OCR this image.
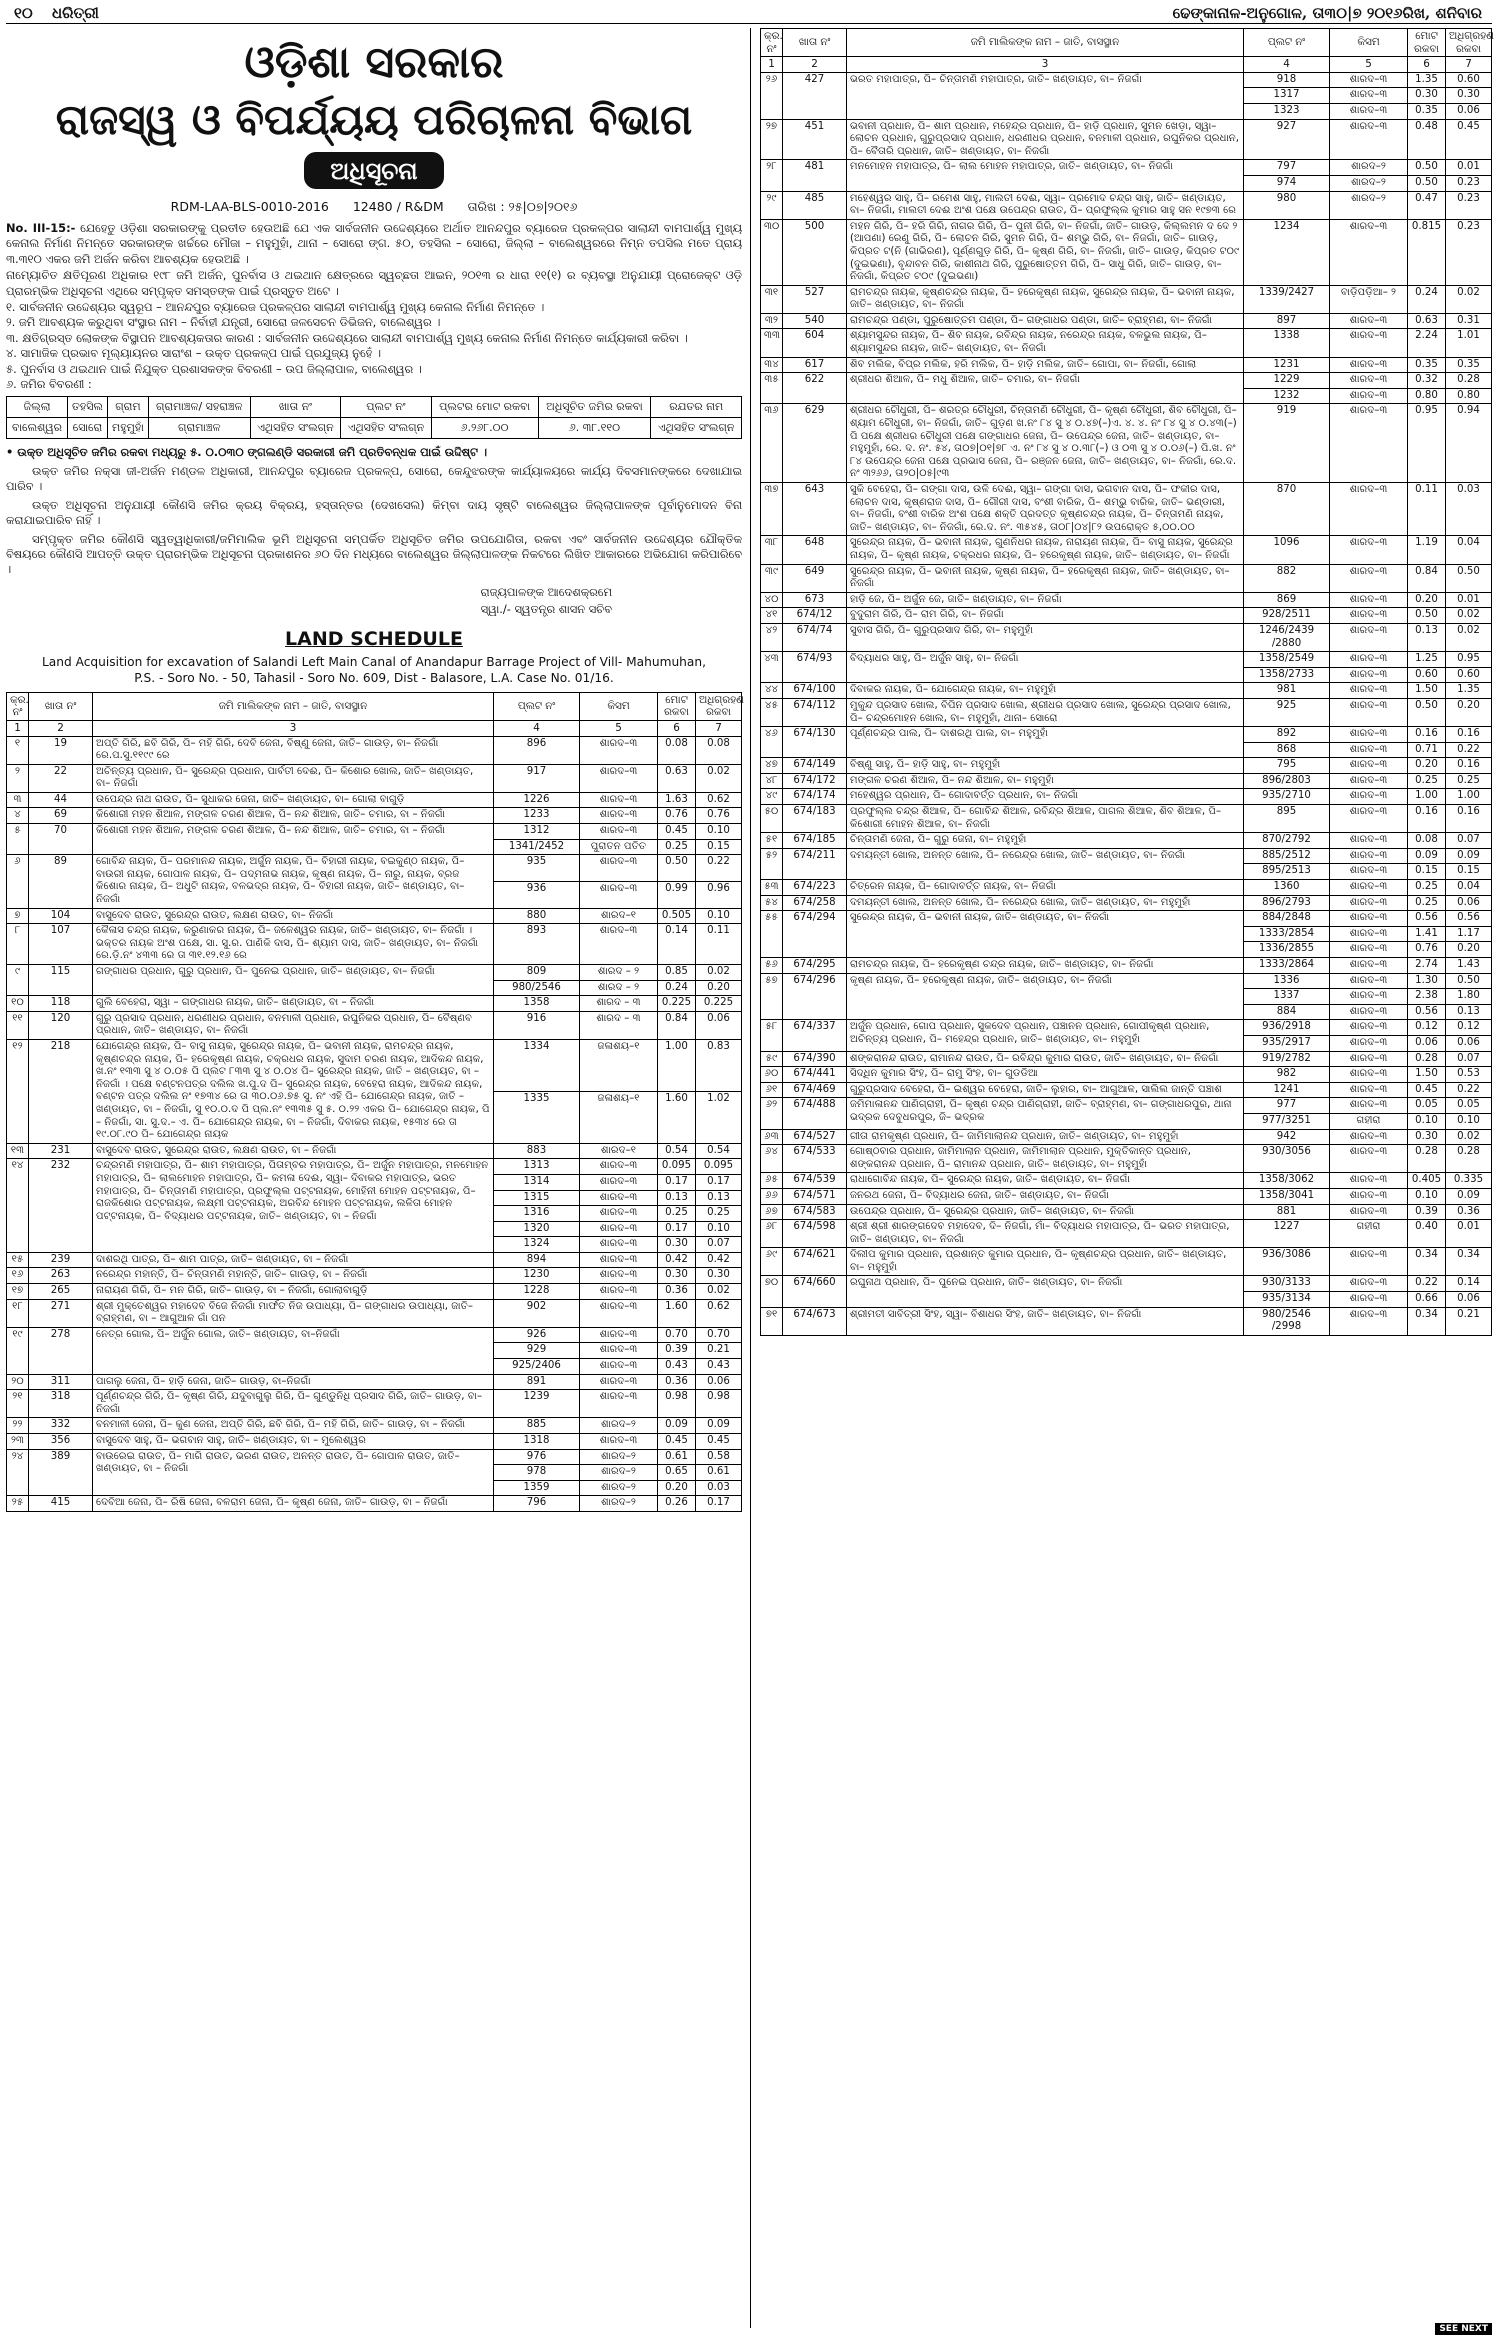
୧୦ ଧରିତ୍ରୀ	ଢେଙ୍କାନାଳ-ଅନୁଗୋଳ, ତା୩୦|୭ ୨୦୧୬ରିଖ, ଶନିବାର
ଓଡ଼ିଶା ସରକାର
ରାଜସ୍ୱ ଓ ବିପର୍ଯ୍ୟୟ ପରିଚାଳନା ବିଭାଗ
ଅଧିସୂଚନା
RDM-LAA-BLS-0010-2016 12480 / R&DM ତାରିଖ : ୨୫|୦୭|୨୦୧୬

No. III-15:- ଯେହେତୁ ଓଡ଼ିଶା ସରକାରଙ୍କୁ ପ୍ରତୀତ ହେଉଅଛି ଯେ ଏକ ସାର୍ବଜନୀନ ଉଦ୍ଦେଶ୍ୟରେ ଅର୍ଥାତ ଆନନ୍ଦପୁର ବ୍ୟାରେଜ ପ୍ରକଳ୍ପର ସାଲାନ୍ଦୀ ବାମପାର୍ଶ୍ୱ ମୁଖ୍ୟ କେନାଲ ନିର୍ମାଣ ନିମନ୍ତେ ସରକାରଙ୍କ ଖର୍ଚ୍ଚରେ ମୌଜା – ମହୁମୁହାଁ, ଥାନା – ସୋରୋ ଙ୍ଗ. ୫୦, ତହସିଲ – ସୋରୋ, ଜିଲ୍ଲା – ବାଲେଶ୍ୱରରେ ନିମ୍ନ ତପସିଲ ମତେ ପ୍ରାୟ ୩.୩୧୦ ଏକର ଜମି ଅର୍ଜନ କରିବା ଆବଶ୍ୟକ ହେଉଅଛି ।

ନାମ୍ୟୋଚିତ କ୍ଷତିପୂରଣ ଅଧିକାର ୧୯୮ ଜମି ଅର୍ଜନ, ପୁନର୍ବାସ ଓ ଥଇଥାନ କ୍ଷେତ୍ରରେ ସ୍ୱଚ୍ଛତା ଆଇନ, ୨୦୧୩ ର ଧାରା ୧୧(୧) ର ବ୍ୟବସ୍ଥା ଅନୁଯାୟୀ ପ୍ରୋଜେକ୍ଟ ଓଡ଼ି ପ୍ରାରମ୍ଭିକ ଅଧିସୂଚନା ଏଥିରେ ସମ୍ପୃକ୍ତ ସମସ୍ତଙ୍କ ପାଇଁ ପ୍ରସ୍ତୁତ ଅଟେ ।

୧. ସାର୍ବଜନୀନ ଉଦ୍ଦେଶ୍ୟର ସ୍ୱରୂପ – ଆନନ୍ଦପୁର ବ୍ୟାରେଜ ପ୍ରକଳ୍ପର ସାଲାନ୍ଦୀ ବାମପାର୍ଶ୍ୱ ମୁଖ୍ୟ କେନାଲ ନିର୍ମାଣ ନିମନ୍ତେ ।
୨. ଜମି ଆବଶ୍ୟକ କରୁଥିବା ସଂସ୍ଥାର ନାମ – ନିର୍ବାହୀ ଯନ୍ତ୍ରୀ, ସୋରୋ ଜଳସେଚନ ଡିଭିଜନ, ବାଲେଶ୍ୱର ।
୩. କ୍ଷତିଗ୍ରସ୍ତ ଲୋକଙ୍କ ବିସ୍ଥାପନ ଆବଶ୍ୟକତାର କାରଣ : ସାର୍ବଜନୀନ ଉଦ୍ଦେଶ୍ୟରେ ସାଲାନ୍ଦୀ ବାମପାର୍ଶ୍ୱ ମୁଖ୍ୟ କେନାଲ ନିର୍ମାଣ ନିମନ୍ତେ କାର୍ଯ୍ୟକାରୀ କରିବା ।
୪. ସାମାଜିକ ପ୍ରଭାବ ମୂଲ୍ୟାୟନର ସାରାଂଶ – ଉକ୍ତ ପ୍ରକଳ୍ପ ପାଇଁ ପ୍ରଯୁଜ୍ୟ ନୁହେଁ ।
୫. ପୁନର୍ବାସ ଓ ଥଇଥାନ ପାଇଁ ନିଯୁକ୍ତ ପ୍ରଶାସକଙ୍କ ବିବରଣୀ – ଉପ ଜିଲ୍ଲାପାଳ, ବାଲେଶ୍ୱର ।
୬. ଜମିର ବିବରଣୀ :
ଜିଲ୍ଲା	ତହସିଲ	ଗ୍ରାମ	ଗ୍ରାମାଞ୍ଚଳ/ ସହରାଞ୍ଚଳ	ଖାତା ନଂ	ପ୍ଲଟ ନଂ	ପ୍ଲଟର ମୋଟ ରକବା	ଅଧିସୂଚିତ ଜମିର ରକବା	ରଯତର ନାମ
ବାଲେଶ୍ୱର	ସୋରୋ	ମହୁମୁହାଁ	ଗ୍ରାମାଞ୍ଚଳ	ଏଥିସହିତ ସଂଲଗ୍ନ	ଏଥିସହିତ ସଂଲଗ୍ନ	୬.୨୬୮.୦୦	୬. ୩୮.୧୧୦	ଏଥିସହିତ ସଂଲଗ୍ନ

• ଉକ୍ତ ଅଧିସୂଚିତ ଜମିର ରକବା ମଧ୍ୟରୁ ୫. ୦.୦୩୦ ଙ୍ଗଲଣ୍ଡି ସରକାରୀ ଜମି ପ୍ରତିବନ୍ଧକ ପାଇଁ ଉଦ୍ଦିଷ୍ଟ ।

ଉକ୍ତ ଜମିର ନକ୍ସା ଜୀ-ଅର୍ଜନ ମଣ୍ଡଳ ଅଧିକାରୀ, ଆନନ୍ଦପୁର ବ୍ୟାରେଜ ପ୍ରକଳ୍ପ, ସୋରୋ, କେନ୍ଦୁଝରଙ୍କ କାର୍ଯ୍ୟାଳୟରେ କାର୍ଯ୍ୟ ଦିବସମାନଙ୍କରେ ଦେଖାଯାଇ ପାରିବ ।

ଉକ୍ତ ଅଧିସୂଚନା ଅନୁଯାୟୀ କୌଣସି ଜମିର କ୍ରୟ ବିକ୍ରୟ, ହସ୍ତାନ୍ତର (ଦେଖସେଲ) କିମ୍ବା ଦାୟ ସୃଷ୍ଟି ବାଲେଶ୍ୱର ଜିଲ୍ଲାପାଳଙ୍କ ପୂର୍ବାନୁମୋଦନ ବିନା କରାଯାଇପାରିବ ନାହିଁ ।

ସମ୍ପୃକ୍ତ ଜମିର କୌଣସି ସ୍ୱତ୍ୱାଧିକାରୀ/ଜମିମାଲିକ ଭୂମି ଅଧିସୂଚନା ସମ୍ପର୍କିତ ଅଧିସୂଚିତ ଜମିର ଉପଯୋଗିତା, ରକବା ଏବଂ ସାର୍ବଜନୀନ ଉଦ୍ଦେଶ୍ୟର ଯୌକ୍ତିକ ବିଷୟରେ କୌଣସି ଆପତ୍ତି ଉକ୍ତ ପ୍ରାରମ୍ଭିକ ଅଧିସୂଚନା ପ୍ରକାଶନର ୬୦ ଦିନ ମଧ୍ୟରେ ବାଲେଶ୍ୱର ଜିଲ୍ଲାପାଳଙ୍କ ନିକଟରେ ଲିଖିତ ଆକାରରେ ଅଭିଯୋଗ କରିପାରିବେ ।

ରାଜ୍ୟପାଳଙ୍କ ଆଦେଶକ୍ରମେ
ସ୍ୱା./- ସ୍ୱତନ୍ତ୍ର ଶାସନ ସଚିବ
LAND SCHEDULE
Land Acquisition for excavation of Salandi Left Main Canal of Anandapur Barrage Project of Vill- Mahumuhan,
P.S. - Soro No. - 50, Tahasil - Soro No. 609, Dist - Balasore, L.A. Case No. 01/16.
କ୍ର. ନଂ	ଖାତା ନଂ	ଜମି ମାଲିକଙ୍କ ନାମ – ଜାତି, ବାସସ୍ଥାନ	ପ୍ଲଟ ନଂ	କିସମ	ମୋଟ ରକବା	ଅଧିଗ୍ରହଣ ରକବା
1	2	3	4	5	6	7
୧	19	ଅପ୍ତି ଗିରି, ଛବି ଗିରି, ପି– ମହି ଗିରି, ଦେବି ଜେନା, ବିଷ୍ଣୁ ଜେନା, ଜାତି– ଗାଉଡ଼, ବା– ନିଜଗାଁ ରେ.ପ.ସୁ.୧୧୯୯ ରେ	896	ଶାରଦ–୩	0.08	0.08
୨	22	ଅଚିନ୍ତ୍ୟ ପ୍ରଧାନ, ପି– ସୁରେନ୍ଦ୍ର ପ୍ରଧାନ, ପାର୍ବତୀ ଦେଈ, ପି– କିଶୋର ଖୋଲ, ଜାତି– ଖଣ୍ଡାୟତ, ବା– ନିଜଗାଁ	917	ଶାରଦ–୩	0.63	0.02
୩	44	ଉପେନ୍ଦ୍ର ନାଥ ରାଉତ, ପି– ସୁଧାକର ଜେନା, ଜାତି– ଖଣ୍ଡାୟତ, ବା– ଗୋଲା ବାଗୁଡ଼ି	1226	ଶାରଦ–୩	1.63	0.62
୪	69	କିଶୋରୀ ମହନ ଶିଆଳ, ମଙ୍ଗଳ ଚରଣ ଶିଆଳ, ପି– ନନ୍ଦ ଶିଆଳ, ଜାତି– ଚମାର, ବା – ନିଜଗାଁ	1233	ଶାରଦ–୩	0.76	0.76
୫	70	କିଶୋରୀ ମହନ ଶିଆଳ, ମଙ୍ଗଳ ଚରଣ ଶିଆଳ, ପି– ନନ୍ଦ ଶିଆଳ, ଜାତି– ଚମାର, ବା – ନିଜଗାଁ	1312	ଶାରଦ–୩	0.45	0.10
			1341/2452	ପୁରାତନ ପତିତ	0.25	0.15
୬	89	ଗୋବିନ୍ଦ ନାୟକ, ପି– ପରମାନନ୍ଦ ନାୟକ, ଅର୍ଜୁନ ନାୟକ, ପି– ବିହାରୀ ନାୟକ, ବଇକୁଣ୍ଠ ନାୟକ, ପି– ବାଉରୀ ନାୟକ, ଗୋପାଳ ନାୟକ, ପି– ପଦ୍ମନାଭ ନାୟକ, କୃଷ୍ଣ ନାୟକ, ପି– ନାରୁ, ନାୟକ, ବ୍ରଜ କିଶୋର ନାୟକ, ପି– ଅଧୁଟି ନାୟକ, ବଳଭଦ୍ର ନାୟକ, ପି– ବିହାରୀ ନାୟକ, ଜାତି– ଖଣ୍ଡାୟତ, ବା– ନିଜଗାଁ	935	ଶାରଦ–୩	0.50	0.22
			936	ଶାରଦ–୩	0.99	0.96
୭	104	ବାସୁଦେବ ରାଉତ, ସୁରେନ୍ଦ୍ର ରାଉତ, ଲକ୍ଷଣ ରାଉତ, ବା– ନିଜଗାଁ	880	ଶାରଦ–୧	0.505	0.10
୮	107	କୈଳାସ ଚନ୍ଦ୍ର ନାୟକ, କରୁଣାକର ନାୟକ, ପି– ଜଳେଶ୍ୱର ନାୟକ, ଜାତି– ଖଣ୍ଡାୟତ, ବା– ନିଜଗାଁ । ଭକ୍ତର ନାୟକ ଅଂଶ ପକ୍ଷେ, ସା. ସୁ.ର. ପାଣିକି ଦାସ, ପି– ଶ୍ୟାମ ଦାସ, ଜାତି– ଖଣ୍ଡାୟତ, ବା– ନିଜଗାଁ ରେ.ଡ଼ି.ନଂ ୪୩୩ ରେ ତା ୩୧.୧୨.୧୬ ରେ	893	ଶାରଦ–୩	0.14	0.11
୯	115	ଗଙ୍ଗାଧର ପ୍ରଧାନ, ଗୁରୁ ପ୍ରଧାନ, ପି– ପୁନେଇ ପ୍ରଧାନ, ଜାତି– ଖଣ୍ଡାୟତ, ବା– ନିଜଗାଁ	809	ଶାରଦ – ୨	0.85	0.02
			980/2546	ଶାରଦ – ୨	0.24	0.20
୧୦	118	ଗୁଲି ବେହେରା, ସ୍ୱା – ଗଙ୍ଗାଧର ନାୟକ, ଜାତି– ଖଣ୍ଡାୟତ, ବା – ନିଜଗାଁ	1358	ଶାରଦ – ୩	0.225	0.225
୧୧	120	ଗୁରୁ ପ୍ରସାଦ ପ୍ରଧାନ, ଧରଣୀଧର ପ୍ରଧାନ, ବନମାଳୀ ପ୍ରଧାନ, ରଘୁନିକର ପ୍ରଧାନ, ପି– ବୈଷ୍ଣବ ପ୍ରଧାନ, ଜାତି– ଖଣ୍ଡାୟତ, ବା– ନିଜଗାଁ	916	ଶାରଦ – ୩	0.84	0.06
୧୨	218	ଯୋଗେନ୍ଦ୍ର ନାୟକ, ପି– ବାସୁ ନାୟକ, ସୁରେନ୍ଦ୍ର ନାୟକ, ପି– ଭବାନୀ ନାୟକ, ରାମଚନ୍ଦ୍ର ନାୟକ, କୃଷ୍ଣଚନ୍ଦ୍ର ନାୟକ, ପି– ହରେକୃଷ୍ଣ ନାୟକ, ଚକ୍ରଧର ନାୟକ, ସୁଦାମ ଚରଣ ନାୟକ, ଆଦିକନ୍ଦ ନାୟକ, ଖ.ନଂ ୧୩୩ ସୁ ୪ ୦.୦୫ ପି ପ୍ଲଟ ୮୩୩ ସୁ ୪ ୦.୦୪ ପି– ସୁରେନ୍ଦ୍ର ନାୟକ, ଜାତି – ଖଣ୍ଡାୟତ, ବା – ନିଜଗାଁ । ପକ୍ଷେ ବଣ୍ଟନପତ୍ର ଦଲିଲ ଖ.ପୁ.ଦ ପି– ସୁରେନ୍ଦ୍ର ନାୟକ, ବେହେରା ନାୟକ, ଆଦିକନ୍ଦ ନାୟକ, ବଣ୍ଟନ ପତ୍ର ଦଲିଲ ନଂ ୧୭୩୪ ରେ ତା ୩୦.୦୬.୭୫ ସୁ. ନଂ ଏହି ପି– ଯୋଗେନ୍ଦ୍ର ନାୟକ, ଜାତି – ଖଣ୍ଡାୟତ, ବା – ନିଜଗାଁ, ସୁ ୧୦.୦.ଦ ପି ପ୍ଲ.ନଂ ୧୩୩୫ ସୁ ୫. ୦.୨୨ ଏକର ପି– ଯୋଗେନ୍ଦ୍ର ନାୟକ, ପି – ନିଜଗାଁ, ସା. ସୁ.ଦ.– ଏ. ପି– ଯୋଗେନ୍ଦ୍ର ନାୟକ, ବା – ନିଜଗାଁ, ଦିବାକର ନାୟକ, ୧୫୩୪ ରେ ତା ୧୯.୦୮.୯୦ ପି– ଯୋଗେନ୍ଦ୍ର ନାୟକ	1334	ଜଳାଶୟ–୧	1.00	0.83
			1335	ଜଳାଶୟ–୧	1.60	1.02
୧୩	231	ବାସୁଦେବ ରାଉତ, ସୁରେନ୍ଦ୍ର ରାଉତ, ଲକ୍ଷଣ ରାଉତ, ବା – ନିଜଗାଁ	883	ଶାରଦ–୧	0.54	0.54
୧୪	232	ଚନ୍ଦ୍ରମଣି ମହାପାତ୍ର, ପି– ଶାମ ମହାପାତ୍ର, ପିତାମ୍ବର ମହାପାତ୍ର, ପି– ଅର୍ଜୁନ ମହାପାତ୍ର, ମନମୋହନ ମହାପାତ୍ର, ପି– ଲାଲମୋହନ ମହାପାତ୍ର, ପି– କମଳା ଦେଈ, ସ୍ୱା– ଦିବାକର ମହାପାତ୍ର, ଭରତ ମହାପାତ୍ର, ପି– ଚିନ୍ତାମଣି ମହାପାତ୍ର, ପ୍ରଫୁଲ୍ଲ ପଟ୍ଟନାୟକ, ମୋହିନୀ ମୋହନ ପଟ୍ଟନାୟକ, ପି– ରାଜକିଶୋର ପଟ୍ଟନାୟକ, ଲକ୍ଷ୍ମୀ ପଟ୍ଟନାୟକ, ଅରବିନ୍ଦ ମୋହନ ପଟ୍ଟନାୟକ, ଲଳିତା ମୋହନ ପଟ୍ଟନାୟକ, ପି– ବିଦ୍ୟାଧର ପଟ୍ଟନାୟକ, ଜାତି– ଖଣ୍ଡାୟତ, ବା – ନିଜଗାଁ	1313	ଶାରଦ–୩	0.095	0.095
			1314	ଶାରଦ–୩	0.17	0.17
			1315	ଶାରଦ–୩	0.13	0.13
			1316	ଶାରଦ–୩	0.25	0.25
			1320	ଶାରଦ–୩	0.17	0.10
			1324	ଶାରଦ–୩	0.30	0.07
୧୫	239	ଦାଶରଥି ପାତ୍ର, ପି– ଶାମ ପାତ୍ର, ଜାତି– ଖଣ୍ଡାୟତ, ବା – ନିଜଗାଁ	894	ଶାରଦ–୩	0.42	0.42
୧୬	263	ନରେନ୍ଦ୍ର ମହାନ୍ତି, ପି– ଚିନ୍ତାମଣି ମହାନ୍ତି, ଜାତି– ଗାଉଡ଼, ବା – ନିଜଗାଁ	1230	ଶାରଦ–୩	0.30	0.30
୧୭	265	ନାରାୟଣ ଗିରି, ପି– ମନ ଗିରି, ଜାତି– ଗାଉଡ଼, ବା – ନିଜଗାଁ, ଗୋଲାବାଗୁଡ଼ି	1228	ଶାରଦ–୩	0.36	0.02
୧୮	271	ଶ୍ରୀ ମୁକ୍ତେଶ୍ୱର ମହାଦେବ ବିଜେ ନିଜଗାଁ ମାର୍ଫତ ନିଜ ଉପାଧ୍ୟା, ପି– ଗଙ୍ଗାଧର ଉପାଧ୍ୟା, ଜାତି– ବ୍ରାହ୍ମଣ, ବା – ଆଗୁଆଳ ଗାଁ ପନ	902	ଶାରଦ–୩	1.60	0.62
୧୯	278	ନେତ୍ର ଗୋଲ, ପି– ଅର୍ଜୁନ ଗୋଲ, ଜାତି– ଖଣ୍ଡାୟତ, ବା–ନିଜଗାଁ	926	ଶାରଦ–୩	0.70	0.70
			929	ଶାରଦ–୩	0.39	0.21
			925/2406	ଶାରଦ–୩	0.43	0.43
୨୦	311	ପାଗଲୁ ଜେନା, ପି– ହାଡ଼ି ଜେନା, ଜାତି– ଗାଉଡ଼, ବା–ନିଜଗାଁ	891	ଶାରଦ–୩	0.36	0.06
୨୧	318	ପୂର୍ଣ୍ଣଚନ୍ଦ୍ର ଗିରି, ପି– କୃଷ୍ଣ ଗିରି, ଯଦୁବାଗୁଲୁ ଗିରି, ପି– ଗୁଣ୍ଡୁନିଧି ପ୍ରସାଦ ଗିରି, ଜାତି– ଗାଉଡ଼, ବା–ନିଜଗାଁ	1239	ଶାରଦ–୩	0.98	0.98
୨୨	332	ବନମାଳୀ ଜେନା, ପି– କୁଣ ଜେନା, ଅପ୍ତି ଗିରି, ଛବି ଗିରି, ପି– ମହି ଗିରି, ଜାତି– ଗାଉଡ଼, ବା – ନିଜଗାଁ	885	ଶାରଦ–୨	0.09	0.09
୨୩	356	ବାସୁଦେବ ସାହୁ, ପି– ଭଗବାନ ସାହୁ, ଜାତି– ଖଣ୍ଡାୟତ, ବା – ମୁଲେଶ୍ୱର	1318	ଶାରଦ–୩	0.45	0.45
୨୪	389	ବାଉରେଇ ରାଉତ, ପି– ମାଗି ରାଉତ, ଭରଣ ରାଉତ, ଅନନ୍ତ ରାଉତ, ପି– ଗୋପାଳ ରାଉତ, ଜାତି– ଖଣ୍ଡାୟତ, ବା – ନିଜଗାଁ	976	ଶାରଦ–୨	0.61	0.58
			978	ଶାରଦ–୨	0.65	0.61
			1359	ଶାରଦ–୨	0.20	0.03
୨୫	415	ଦେବିଆ ଜେନା, ପି– ରିଷି ଜେନା, ବଳରାମ ଜେନା, ପି– କୃଷ୍ଣ ଜେନା, ଜାତି– ଗାଉଡ଼, ବା – ନିଜଗାଁ	796	ଶାରଦ–୨	0.26	0.17
କ୍ର. ନଂ	ଖାତା ନଂ	ଜମି ମାଲିକଙ୍କ ନାମ – ଜାତି, ବାସସ୍ଥାନ	ପ୍ଲଟ ନଂ	କିସମ	ମୋଟ ରକବା	ଅଧିଗ୍ରହଣ ରକବା
1	2	3	4	5	6	7
୨୬	427	ଭରତ ମହାପାତ୍ର, ପି– ଚିନ୍ତାମଣି ମହାପାତ୍ର, ଜାତି– ଖଣ୍ଡାୟତ, ବା– ନିଜଗାଁ	918	ଶାରଦ–୩	1.35	0.60
			1317	ଶାରଦ–୩	0.30	0.30
			1323	ଶାରଦ–୩	0.35	0.06
୨୭	451	ଭବାନୀ ପ୍ରଧାନ, ପି– ଶାମ ପ୍ରଧାନ, ମହେନ୍ଦ୍ର ପ୍ରଧାନ, ପି– ହାଡ଼ି ପ୍ରଧାନ, ସୁମନ ଖେଡ଼ା, ସ୍ୱା– ଲୋଚନ ପ୍ରଧାନ, ଗୁରୁପ୍ରସାଦ ପ୍ରଧାନ, ଧରଣୀଧର ପ୍ରଧାନ, ବନମାଳୀ ପ୍ରଧାନ, ରଘୁନିକର ପ୍ରଧାନ, ପି– ବୈତାରି ପ୍ରଧାନ, ଜାତି– ଖଣ୍ଡାୟତ, ବା– ନିଜଗାଁ	927	ଶାରଦ–୩	0.48	0.45
୨୮	481	ମନମୋହନ ମହାପାତ୍ର, ପି– ଲାଲ ମୋହନ ମହାପାତ୍ର, ଜାତି– ଖଣ୍ଡାୟତ, ବା– ନିଜଗାଁ	797	ଶାରଦ–୨	0.50	0.01
			974	ଶାରଦ–୨	0.50	0.23
୨୯	485	ମହେଶ୍ୱର ସାହୁ, ପି– ରମେଶ ସାହୁ, ମାଲତୀ ଦେଈ, ସ୍ୱା– ପ୍ରମୋଦ ଚନ୍ଦ୍ର ସାହୁ, ଜାତି– ଖଣ୍ଡାୟତ, ବା– ନିଜଗାଁ, ମାଲତୀ ଦେଈ ଅଂଶ ପକ୍ଷେ ଉପେନ୍ଦ୍ର ରାଉତ, ପି– ପ୍ରଫୁଲ୍ଲ କୁମାର ସାହୁ ସନ ୧୯୭୩ ରେ	980	ଶାରଦ–୨	0.47	0.23
୩୦	500	ମହନ ଗିରି, ପି– ହରି ଗିରି, ନାଗର ଗିରି, ପି– ପୁନୀ ଗିରି, ବା– ନିଜଗାଁ, ଜାତି– ଗାଉଡ଼, କିଲ୍ଲମନ ଦ ଦେ ୨ (ଆପଣା) ରେଣୁ ଗିରି, ପି– ଲୋଚନ ଗିରି, ସୁମନ ଗିରି, ପି– ଶମ୍ଭୁ ଗିରି, ବା– ନିଜଗାଁ, ଜାତି– ଗାଉଡ଼, କିପ୍ରତ ଟ(ନି (ଗାଭିରଣ), ପୂର୍ଣ୍ଣଗୁଡ଼ ଗିରି, ପି– କୃଷ୍ଣ ଗିରି, ବା– ନିଜଗାଁ, ଜାତି– ଗାଉଡ଼, କିପ୍ରତ ଟ୦୯ (ଦୁଇଭଣା), ବୃନ୍ଦାବନ ଗିରି, କାଶୀନାଥ ଗିରି, ପୁରୁଷୋତ୍ତମ ଗିରି, ପି– ସାଧୁ ଗିରି, ଜାତି– ଗାଉଡ଼, ବା– ନିଜଗାଁ, କିପ୍ରତ ଟ୦୯ (ଦୁଇଭଣା)	1234	ଶାରଦ–୩	0.815	0.23
୩୧	527	ରାମଚନ୍ଦ୍ର ନାୟକ, କୃଷ୍ଣଚନ୍ଦ୍ର ନାୟକ, ପି– ହରେକୃଷ୍ଣ ନାୟକ, ସୁରେନ୍ଦ୍ର ନାୟକ, ପି– ଭବାନୀ ନାୟକ, ଜାତି– ଖଣ୍ଡାୟତ, ବା– ନିଜଗାଁ	1339/2427	ବାଡ଼ିପଡ଼ିଆ– ୨	0.24	0.02
୩୨	540	ରାମଚନ୍ଦ୍ର ପଣ୍ଡା, ପୁରୁଷୋତ୍ତମ ପଣ୍ଡା, ପି– ଗଙ୍ଗାଧର ପଣ୍ଡା, ଜାତି– ବ୍ରାହ୍ମଣ, ବା– ନିଜଗାଁ	897	ଶାରଦ–୩	0.63	0.31
୩୩	604	ଶ୍ୟାମସୁନ୍ଦର ନାୟକ, ପି– ଶିବ ନାୟକ, ରବିନ୍ଦ୍ର ନାୟକ, ନରେନ୍ଦ୍ର ନାୟକ, ବଳଭୁଲ ନାୟକ, ପି– ଶ୍ୟାମସୁନ୍ଦର ନାୟକ, ଜାତି– ଖଣ୍ଡାୟତ, ବା– ନିଜଗାଁ	1338	ଶାରଦ–୩	2.24	1.01
୩୪	617	ଶିବ ମଲିକ, ବିପ୍ର ମଲିକ, ହରି ମଲିକ, ପି– ହାଡ଼ି ମଲିକ, ଜାତି– ଗୋପା, ବା– ନିଜଗାଁ, ଗୋଲା	1231	ଶାରଦ–୩	0.35	0.35
୩୫	622	ଶ୍ରୀଧର ଶିଆଳ, ପି– ମଧୁ ଶିଆଳ, ଜାତି– ଚମାର, ବା– ନିଜଗାଁ	1229	ଶାରଦ–୩	0.32	0.28
			1232	ଶାରଦ–୩	0.80	0.80
୩୬	629	ଶ୍ରୀଧର ଚୌଧୁରୀ, ପି– ଶରତ୍ର ଚୌଧୁରୀ, ଚିନ୍ତାମଣି ଚୌଧୁରୀ, ପି– କୃଷ୍ଣ ଚୌଧୁରୀ, ଶିବ ଚୌଧୁରୀ, ପି– ଶ୍ୟାମ ଚୌଧୁରୀ, ବା– ନିଜଗାଁ, ଜାତି– ଗୁଡ଼ଣ ଖ.ନଂ ୮୪ ସୁ ୪ ୦.୪୭(–)ଏ. ୪. ୪. ନଂ ୮୪ ସୁ ୪ ୦.୪୩(–) ପି ପକ୍ଷେ ଶ୍ରୀଧର ଚୌଧୁରୀ ପକ୍ଷେ ଗଙ୍ଗାଧର ଜେନା, ପି– ଉପେନ୍ଦ୍ର ଜେନା, ଜାତି– ଖଣ୍ଡାୟତ, ବା– ମହୁମୁହାଁ, ରେ. ଦ. ନଂ. ୫୪, ତା୦୭|୦୧|୭୮ ଏ. ନଂ ୮୪ ସୁ ୪ ୦.୩୮(–) ଓ ୦୩ ସୁ ୪ ୦.୦୬(–) ପି.ଖ. ନଂ ୮୪ ଉପେନ୍ଦ୍ର ଜେନା ପକ୍ଷେ ପ୍ରଭାସ ଜେନା, ପି– ରଞ୍ଜନ ଜେନା, ଜାତି– ଖଣ୍ଡାୟତ, ବା– ନିଜଗାଁ, ରେ.ଦ. ନଂ ୩୨୬୬, ତା୨୦|୦୫|୯୩	919	ଶାରଦ–୩	0.95	0.94
୩୭	643	ସୁକି ବେହେରା, ପି– ଗଙ୍ଗା ଦାସ, ଉଳି ଦେଈ, ସ୍ୱା– ଗଙ୍ଗା ଦାସ, ଭଗବାନ ଦାସ, ପି– ଫକୀର ଦାସ, ଲୋଚନ ଦାସ, କୃଷ୍ଣରାଜ ଦାସ, ପି– ଗୌରୀ ଦାସ, ବଂଶୀ ବାରିକ, ପି– ଶମ୍ଭୁ ବାରିକ, ଜାତି– ଭଣ୍ଡାରୀ, ବା– ନିଜଗାଁ, ବଂଶୀ ବାରିକ ଅଂଶ ପକ୍ଷେ ଶକ୍ତି ପ୍ରଦତ୍ତ କୃଷ୍ଣଚନ୍ଦ୍ର ନାୟକ, ପି– ଚିନ୍ତାମଣି ନାୟକ, ଜାତି– ଖଣ୍ଡାୟତ, ବା– ନିଜଗାଁ, ରେ.ଦ. ନଂ. ୩୫୪୫, ତା୦୮|୦୪|୮୨ ଉପରୋକ୍ତ ୫,୦୦.୦୦	870	ଶାରଦ–୩	0.11	0.03
୩୮	648	ସୁରେନ୍ଦ୍ର ନାୟକ, ପି– ଭବାନୀ ନାୟକ, ଗୁଣନିଧର ନାୟକ, ନାରାୟଣ ନାୟକ, ପି– ବାସୁ ନାୟକ, ସୁରେନ୍ଦ୍ର ନାୟକ, ପି– କୃଷ୍ଣ ନାୟକ, ଚକ୍ରଧର ନାୟକ, ପି– ହରେକୃଷ୍ଣ ନାୟକ, ଜାତି– ଖଣ୍ଡାୟତ, ବା– ନିଜଗାଁ	1096	ଶାରଦ–୩	1.19	0.04
୩୯	649	ସୁରେନ୍ଦ୍ର ନାୟକ, ପି– ଭବାନୀ ନାୟକ, କୃଷ୍ଣ ନାୟକ, ପି– ହରେକୃଷ୍ଣ ନାୟକ, ଜାତି– ଖଣ୍ଡାୟତ, ବା– ନିଜଗାଁ	882	ଶାରଦ–୩	0.84	0.50
୪୦	673	ହାଡ଼ି ଜେ, ପି– ଅର୍ଜୁନ ଜେ, ଜାତି– ଖଣ୍ଡାୟତ, ବା– ନିଜଗାଁ	869	ଶାରଦ–୩	0.20	0.01
୪୧	674/12	ବୁଦୁରାମ ଗିରି, ପି– ରାମ ଗିରି, ବା– ନିଜଗାଁ	928/2511	ଶାରଦ–୩	0.50	0.02
୪୨	674/74	ସୁବାସ ଗିରି, ପି– ଗୁରୁପ୍ରସାଦ ଗିରି, ବା– ମହୁମୁହାଁ	1246/2439 /2880	ଶାରଦ–୩	0.13	0.02
୪୩	674/93	ବିଦ୍ୟାଧର ସାହୁ, ପି– ଅର୍ଜୁନ ସାହୁ, ବା– ନିଜଗାଁ	1358/2549	ଶାରଦ–୩	1.25	0.95
			1358/2733	ଶାରଦ–୩	0.60	0.60
୪୪	674/100	ଦିବାକର ନାୟକ, ପି– ଯୋଗେନ୍ଦ୍ର ନାୟକ, ବା– ମହୁମୁହାଁ	981	ଶାରଦ–୩	1.50	1.35
୪୫	674/112	ମୁକୁନ୍ଦ ପ୍ରସାଦ ଖୋଲ, ବିପିନ ପ୍ରସାଦ ଖୋଲ, ଶ୍ରୀଧର ପ୍ରସାଦ ଖୋଲ, ସୁରେନ୍ଦ୍ର ପ୍ରସାଦ ଖୋଲ, ପି– ଚନ୍ଦ୍ରମୋହନ ଖୋଲ, ବା– ମହୁମୁହାଁ, ଥାନା– ସୋରୋ	925	ଶାରଦ–୩	0.50	0.20
୪୬	674/130	ପୂର୍ଣ୍ଣଚନ୍ଦ୍ର ପାଲ, ପି– ଦାଶରଥି ପାଲ, ବା– ମହୁମୁହାଁ	892	ଶାରଦ–୩	0.16	0.16
			868	ଶାରଦ–୩	0.71	0.22
୪୭	674/149	ବିଷ୍ଣୁ ସାହୁ, ପି– ହାଡ଼ି ସାହୁ, ବା– ମହୁମୁହାଁ	795	ଶାରଦ–୩	0.20	0.16
୪୮	674/172	ମଙ୍ଗଳ ଚରଣ ଶିଆଳ, ପି– ନନ୍ଦ ଶିଆଳ, ବା– ମହୁମୁହାଁ	896/2803	ଶାରଦ–୩	0.25	0.25
୪୯	674/174	ମହେଶ୍ୱର ପ୍ରଧାନ, ପି– ଗୋଦାବର୍ତ୍ତ ପ୍ରଧାନ, ବା– ନିଜଗାଁ	935/2710	ଶାରଦ–୩	1.00	1.00
୫୦	674/183	ପ୍ରଫୁଲ୍ଲ ଚନ୍ଦ୍ର ଶିଆଳ, ପି– ଗୋବିନ୍ଦ ଶିଆଳ, ରବିନ୍ଦ୍ର ଶିଆଳ, ପାଗଲ ଶିଆଳ, ଶିବ ଶିଆଳ, ପି– କିଶୋରୀ ମୋହନ ଶିଆଳ, ବା– ନିଜଗାଁ	895	ଶାରଦ–୩	0.16	0.16
୫୧	674/185	ଚିନ୍ତାମଣି ଜେନା, ପି– ଗୁରୁ ଜେନା, ବା– ମହୁମୁହାଁ	870/2792	ଶାରଦ–୩	0.08	0.07
୫୨	674/211	ଦମୟନ୍ତୀ ଖୋଲ, ଅନନ୍ତ ଖୋଲ, ପି– ନରେନ୍ଦ୍ର ଖୋଲ, ଜାତି– ଖଣ୍ଡାୟତ, ବା– ନିଜଗାଁ	885/2512	ଶାରଦ–୩	0.09	0.09
			895/2513	ଶାରଦ–୩	0.15	0.15
୫୩	674/223	ଚିତ୍ରେନ ନାୟକ, ପି– ଗୋଦାବର୍ତ୍ତ ନାୟକ, ବା– ନିଜଗାଁ	1360	ଶାରଦ–୩	0.25	0.04
୫୪	674/258	ଦମୟନ୍ତୀ ଖୋଲ, ଅନନ୍ତ ଖୋଲ, ପି– ନରେନ୍ଦ୍ର ଖୋଲ, ଜାତି– ଖଣ୍ଡାୟତ, ବା– ମହୁମୁହାଁ	896/2793	ଶାରଦ–୩	0.25	0.06
୫୫	674/294	ସୁରେନ୍ଦ୍ର ନାୟକ, ପି– ଭବାନୀ ନାୟକ, ଜାତି– ଖଣ୍ଡାୟତ, ବା– ନିଜଗାଁ	884/2848	ଶାରଦ–୩	0.56	0.56
			1333/2854	ଶାରଦ–୩	1.41	1.17
			1336/2855	ଶାରଦ–୩	0.76	0.20
୫୬	674/295	ରାମଚନ୍ଦ୍ର ନାୟକ, ପି– ହରେକୃଷ୍ଣ ଚନ୍ଦ୍ର ନାୟକ, ଜାତି– ଖଣ୍ଡାୟତ, ବା– ନିଜଗାଁ	1333/2864	ଶାରଦ–୩	2.74	1.43
୫୭	674/296	କୃଷ୍ଣ ନାୟକ, ପି– ହରେକୃଷ୍ଣ ନାୟକ, ଜାତି– ଖଣ୍ଡାୟତ, ବା– ନିଜଗାଁ	1336	ଶାରଦ–୩	1.30	0.50
			1337	ଶାରଦ–୩	2.38	1.80
			884	ଶାରଦ–୩	0.56	0.13
୫୮	674/337	ଅର୍ଜୁନ ପ୍ରଧାନ, ଗୋପ ପ୍ରଧାନ, ସୁକଦେବ ପ୍ରଧାନ, ପଞ୍ଚାନନ ପ୍ରଧାନ, ଗୋପୀକୃଷ୍ଣ ପ୍ରଧାନ, ଅଚିନ୍ତ୍ୟ ପ୍ରଧାନ, ପି– ମହେନ୍ଦ୍ର ପ୍ରଧାନ, ଜାତି– ଖଣ୍ଡାୟତ, ବା– ମହୁମୁହାଁ	936/2918	ଶାରଦ–୩	0.12	0.12
			935/2917	ଶାରଦ–୩	0.06	0.06
୫୯	674/390	ଶଙ୍କରାନନ୍ଦ ରାଉତ, ରାମାନନ୍ଦ ରାଉତ, ପି– ରବିନ୍ଦ୍ର କୁମାର ରାଉତ, ଜାତି– ଖଣ୍ଡାୟତ, ବା– ନିଜଗାଁ	919/2782	ଶାରଦ–୩	0.28	0.07
୬୦	674/441	ସିଦ୍ଧିନ କୁମାର ସିଂହ, ପି– ରାମୁ ସିଂହ, ବା– ଗୁଡଡିଆ	982	ଶାରଦ–୩	1.50	0.53
୬୧	674/469	ଗୁରୁପ୍ରସାଦ ବେହେରା, ପି– ଇଶ୍ୱର ବେହେରା, ଜାତି– ଲୁହାର, ବା– ଆଗୁଆଳ, ସାଲିଲ ଜାନ୍ତି ପଞ୍ଚାଶ	1241	ଶାରଦ–୩	0.45	0.22
୬୨	674/488	ଜମିମାଳାନନ୍ଦ ପାଣିଗ୍ରାହୀ, ପି– କୃଷ୍ଣ ଚନ୍ଦ୍ର ପାଣିଗ୍ରାହୀ, ଜାତି– ବ୍ରାହ୍ମଣ, ବା– ଗଙ୍ଗାଧରପୁର, ଥାନା ଭଦ୍ରକ ଦେବୁଧରପୁର, ଜି– ଭଦ୍ରକ	977	ଶାରଦ–୩	0.05	0.05
			977/3251	ଗହୀରା	0.10	0.10
୬୩	674/527	ଗୀତା ରାମକୃଷ୍ଣ ପ୍ରଧାନ, ପି– ଜାମିମାଲାନନ୍ଦ ପ୍ରଧାନ, ଜାତି– ଖଣ୍ଡାୟତ, ବା– ମହୁମୁହାଁ	942	ଶାରଦ–୩	0.30	0.02
୬୪	674/533	ଗୋଷ୍ଠବାର ପ୍ରଧାନ, ଜାମିମାଲାନ ପ୍ରଧାନ, ଜାମିମାଲାନ ପ୍ରଧାନ, ମୁକ୍ତିକାନ୍ତ ପ୍ରଧାନ, ଶଙ୍କରାନନ୍ଦ ପ୍ରଧାନ, ପି– ରାମାନନ୍ଦ ପ୍ରଧାନ, ଜାତି– ଖଣ୍ଡାୟତ, ବା– ମହୁମୁହାଁ	930/3056	ଶାରଦ–୩	0.28	0.28
୬୫	674/539	ରାଧାଗୋବିନ୍ଦ ନାୟକ, ପି– ସୁରେନ୍ଦ୍ର ନାୟକ, ଜାତି– ଖଣ୍ଡାୟତ, ବା– ନିଜଗାଁ	1358/3062	ଶାରଦ–୩	0.405	0.335
୬୬	674/571	ଜନରଥ ଜେନା, ପି– ବିଦ୍ୟାଧର ଜେନା, ଜାତି– ଖଣ୍ଡାୟତ, ବା– ନିଜଗାଁ	1358/3041	ଶାରଦ–୩	0.10	0.09
୬୭	674/583	ଉପେନ୍ଦ୍ର ପ୍ରଧାନ, ପି– ସୁରେନ୍ଦ୍ର ପ୍ରଧାନ, ଜାତି– ଖଣ୍ଡାୟତ, ବା– ନିଜଗାଁ	881	ଶାରଦ–୩	0.39	0.36
୬୮	674/598	ଶ୍ରୀ ଶ୍ରୀ ଶାରଙ୍ଗଦେବ ମହାଦେବ, ଦି– ନିଜଗାଁ, ମାଁ– ବିଦ୍ୟାଧର ମହାପାତ୍ର, ପି– ଭରତ ମହାପାତ୍ର, ଜାତି– ଖଣ୍ଡାୟତ, ବା– ନିଜଗାଁ	1227	ଗହୀରା	0.40	0.01
୬୯	674/621	ଦିଲୀପ କୁମାର ପ୍ରଧାନ, ପ୍ରଶାନ୍ତ କୁମାର ପ୍ରଧାନ, ପି– କୃଷ୍ଣଚନ୍ଦ୍ର ପ୍ରଧାନ, ଜାତି– ଖଣ୍ଡାୟତ, ବା– ମହୁମୁହାଁ	936/3086	ଶାରଦ–୩	0.34	0.34
୭୦	674/660	ରଘୁନାଥ ପ୍ରଧାନ, ପି– ପୁନେଇ ପ୍ରଧାନ, ଜାତି– ଖଣ୍ଡାୟତ, ବା– ନିଜଗାଁ	930/3133	ଶାରଦ–୩	0.22	0.14
			935/3134	ଶାରଦ–୩	0.66	0.06
୭୧	674/673	ଶ୍ରୀମତୀ ସାବିତ୍ରୀ ସିଂହ, ସ୍ୱା– ବିଶାଧର ସିଂହ, ଜାତି– ଖଣ୍ଡାୟତ, ବା– ନିଜଗାଁ	980/2546 /2998	ଶାରଦ–୩	0.34	0.21
SEE NEXT
